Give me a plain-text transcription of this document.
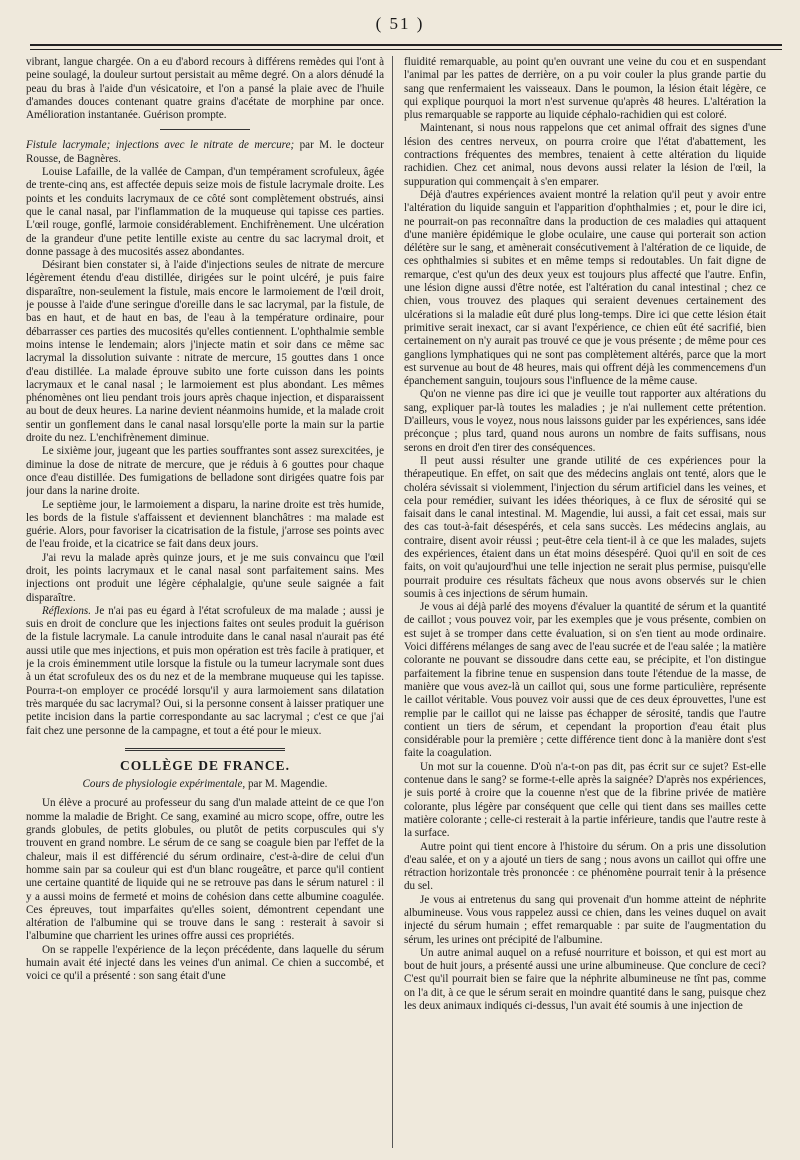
( 51 )

vibrant, langue chargée. On a eu d'abord recours à différens remèdes qui l'ont à peine soulagé, la douleur surtout persistait au même degré. On a alors dénudé la peau du bras à l'aide d'un vésicatoire, et l'on a pansé la plaie avec de l'huile d'amandes douces contenant quatre grains d'acétate de morphine par once. Amélioration instantanée. Guérison prompte.

Fistule lacrymale; injections avec le nitrate de mercure; par M. le docteur Rousse, de Bagnères.

Louise Lafaille, de la vallée de Campan, d'un tempérament scrofuleux, âgée de trente-cinq ans, est affectée depuis seize mois de fistule lacrymale droite. Les points et les conduits lacrymaux de ce côté sont complètement obstrués, ainsi que le canal nasal, par l'inflammation de la muqueuse qui tapisse ces parties. L'œil rouge, gonflé, larmoie considérablement. Enchifrènement. Une ulcération de la grandeur d'une petite lentille existe au centre du sac lacrymal droit, et donne passage à des mucosités assez abondantes.

Désirant bien constater si, à l'aide d'injections seules de nitrate de mercure légèrement étendu d'eau distillée, dirigées sur le point ulcéré, je puis faire disparaître, non-seulement la fistule, mais encore le larmoiement de l'œil droit, je pousse à l'aide d'une seringue d'oreille dans le sac lacrymal, par la fistule, de bas en haut, et de haut en bas, de l'eau à la température ordinaire, pour débarrasser ces parties des mucosités qu'elles contiennent. L'ophthalmie semble moins intense le lendemain; alors j'injecte matin et soir dans ce même sac lacrymal la dissolution suivante : nitrate de mercure, 15 gouttes dans 1 once d'eau distillée. La malade éprouve subito une forte cuisson dans les points lacrymaux et le canal nasal ; le larmoiement est plus abondant. Les mêmes phénomènes ont lieu pendant trois jours après chaque injection, et disparaissent au bout de deux heures. La narine devient néanmoins humide, et la malade croit sentir un gonflement dans le canal nasal lorsqu'elle porte la main sur la partie droite du nez. L'enchifrènement diminue.

Le sixième jour, jugeant que les parties souffrantes sont assez surexcitées, je diminue la dose de nitrate de mercure, que je réduis à 6 gouttes pour chaque once d'eau distillée. Des fumigations de belladone sont dirigées quatre fois par jour dans la narine droite.

Le septième jour, le larmoiement a disparu, la narine droite est très humide, les bords de la fistule s'affaissent et deviennent blanchâtres : ma malade est guérie. Alors, pour favoriser la cicatrisation de la fistule, j'arrose ses points avec de l'eau froide, et la cicatrice se fait dans deux jours.

J'ai revu la malade après quinze jours, et je me suis convaincu que l'œil droit, les points lacrymaux et le canal nasal sont parfaitement sains. Mes injections ont produit une légère céphalalgie, qu'une seule saignée a fait disparaître.

Réflexions. Je n'ai pas eu égard à l'état scrofuleux de ma malade ; aussi je suis en droit de conclure que les injections faites ont seules produit la guérison de la fistule lacrymale. La canule introduite dans le canal nasal n'aurait pas été aussi utile que mes injections, et puis mon opération est très facile à pratiquer, et je la crois éminemment utile lorsque la fistule ou la tumeur lacrymale sont dues à un état scrofuleux des os du nez et de la membrane muqueuse qui les tapisse. Pourra-t-on employer ce procédé lorsqu'il y aura larmoiement sans dilatation très marquée du sac lacrymal? Oui, si la personne consent à laisser pratiquer une petite incision dans la partie correspondante au sac lacrymal ; c'est ce que j'ai fait chez une personne de la campagne, et tout a été pour le mieux.

COLLÈGE DE FRANCE.
Cours de physiologie expérimentale, par M. Magendie.

Un élève a procuré au professeur du sang d'un malade atteint de ce que l'on nomme la maladie de Bright. Ce sang, examiné au micro scope, offre, outre les grands globules, de petits globules, ou plutôt de petits corpuscules qui s'y trouvent en grand nombre. Le sérum de ce sang se coagule bien par l'effet de la chaleur, mais il est différencié du sérum ordinaire, c'est-à-dire de celui d'un homme sain par sa couleur qui est d'un blanc rougeâtre, et parce qu'il contient une certaine quantité de liquide qui ne se retrouve pas dans le sérum naturel : il y a aussi moins de fermeté et moins de cohésion dans cette albumine coagulée. Ces épreuves, tout imparfaites qu'elles soient, démontrent cependant une altération de l'albumine qui se trouve dans le sang : resterait à savoir si l'albumine que charrient les urines offre aussi ces propriétés.

On se rappelle l'expérience de la leçon précédente, dans laquelle du sérum humain avait été injecté dans les veines d'un animal. Ce chien a succombé, et voici ce qu'il a présenté : son sang était d'une

fluidité remarquable, au point qu'en ouvrant une veine du cou et en suspendant l'animal par les pattes de derrière, on a pu voir couler la plus grande partie du sang que renfermaient les vaisseaux. Dans le poumon, la lésion était légère, ce qui explique pourquoi la mort n'est survenue qu'après 48 heures. L'altération la plus remarquable se rapporte au liquide céphalo-rachidien qui est coloré.

Maintenant, si nous nous rappelons que cet animal offrait des signes d'une lésion des centres nerveux, on pourra croire que l'état d'abattement, les contractions fréquentes des membres, tenaient à cette altération du liquide rachidien. Chez cet animal, nous devons aussi relater la lésion de l'œil, la suppuration qui commençait à s'en emparer.

Déjà d'autres expériences avaient montré la relation qu'il peut y avoir entre l'altération du liquide sanguin et l'apparition d'ophthalmies ; et, pour le dire ici, ne pourrait-on pas reconnaître dans la production de ces maladies qui attaquent d'une manière épidémique le globe oculaire, une cause qui porterait son action délétère sur le sang, et amènerait consécutivement à l'altération de ce liquide, de ces ophthalmies si subites et en même temps si redoutables. Un fait digne de remarque, c'est qu'un des deux yeux est toujours plus affecté que l'autre. Enfin, une lésion digne aussi d'être notée, est l'altération du canal intestinal ; chez ce chien, vous trouvez des plaques qui seraient devenues certainement des ulcérations si la maladie eût duré plus long-temps. Dire ici que cette lésion était primitive serait inexact, car si avant l'expérience, ce chien eût été sacrifié, bien certainement on n'y aurait pas trouvé ce que je vous présente ; de même pour ces ganglions lymphatiques qui ne sont pas complètement altérés, parce que la mort est survenue au bout de 48 heures, mais qui offrent déjà les commencemens d'un épanchement sanguin, toujours sous l'influence de la même cause.

Qu'on ne vienne pas dire ici que je veuille tout rapporter aux altérations du sang, expliquer par-là toutes les maladies ; je n'ai nullement cette prétention. D'ailleurs, vous le voyez, nous nous laissons guider par les expériences, sans idée préconçue ; plus tard, quand nous aurons un nombre de faits suffisans, nous serons en droit d'en tirer des conséquences.

Il peut aussi résulter une grande utilité de ces expériences pour la thérapeutique. En effet, on sait que des médecins anglais ont tenté, alors que le choléra sévissait si violemment, l'injection du sérum artificiel dans les veines, et cela pour remédier, suivant les idées théoriques, à ce flux de sérosité qui se faisait dans le canal intestinal. M. Magendie, lui aussi, a fait cet essai, mais sur des cas tout-à-fait désespérés, et cela sans succès. Les médecins anglais, au contraire, disent avoir réussi ; peut-être cela tient-il à ce que les malades, sujets des expériences, étaient dans un état moins désespéré. Quoi qu'il en soit de ces faits, on voit qu'aujourd'hui une telle injection ne serait plus permise, puisqu'elle pourrait produire ces résultats fâcheux que nous avons observés sur le chien soumis à ces injections de sérum humain.

Je vous ai déjà parlé des moyens d'évaluer la quantité de sérum et la quantité de caillot ; vous pouvez voir, par les exemples que je vous présente, combien on est sujet à se tromper dans cette évaluation, si on s'en tient au mode ordinaire. Voici différens mélanges de sang avec de l'eau sucrée et de l'eau salée ; la matière colorante ne pouvant se dissoudre dans cette eau, se précipite, et l'on distingue parfaitement la fibrine tenue en suspension dans toute l'étendue de la masse, de manière que vous avez-là un caillot qui, sous une forme particulière, représente le caillot véritable. Vous pouvez voir aussi que de ces deux éprouvettes, l'une est remplie par le caillot qui ne laisse pas échapper de sérosité, tandis que l'autre contient un tiers de sérum, et cependant la proportion d'eau était plus considérable pour la première ; cette différence tient donc à la manière dont s'est faite la coagulation.

Un mot sur la couenne. D'où n'a-t-on pas dit, pas écrit sur ce sujet? Est-elle contenue dans le sang? se forme-t-elle après la saignée? D'après nos expériences, je suis porté à croire que la couenne n'est que de la fibrine privée de matière colorante, plus légère par conséquent que celle qui tient dans ses mailles cette matière colorante ; celle-ci resterait à la partie inférieure, tandis que l'autre reste à la surface.

Autre point qui tient encore à l'histoire du sérum. On a pris une dissolution d'eau salée, et on y a ajouté un tiers de sang ; nous avons un caillot qui offre une rétraction horizontale très prononcée : ce phénomène pourrait tenir à la présence du sel.

Je vous ai entretenus du sang qui provenait d'un homme atteint de néphrite albumineuse. Vous vous rappelez aussi ce chien, dans les veines duquel on avait injecté du sérum humain ; effet remarquable : par suite de l'augmentation du sérum, les urines ont précipité de l'albumine.

Un autre animal auquel on a refusé nourriture et boisson, et qui est mort au bout de huit jours, a présenté aussi une urine albumineuse. Que conclure de ceci? C'est qu'il pourrait bien se faire que la néphrite albumineuse ne tînt pas, comme on l'a dit, à ce que le sérum serait en moindre quantité dans le sang, puisque chez les deux animaux indiqués ci-dessus, l'un avait été soumis à une injection de
